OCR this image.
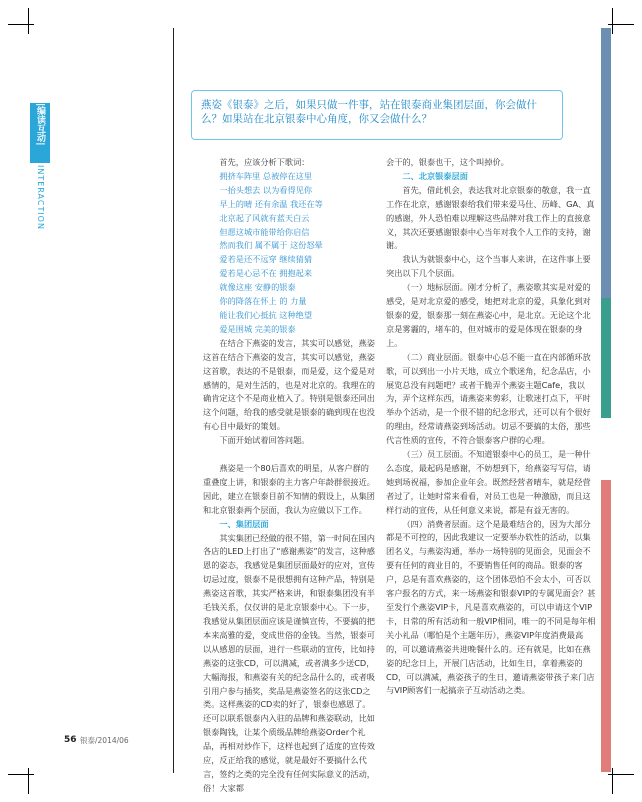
|编读互动|
INTERACTION
燕姿《银泰》之后，如果只做一件事，站在银泰商业集团层面，你会做什么？如果站在北京银泰中心角度，你又会做什么？

首先，应该分析下歌词：

拥挤车阵里 总被停在这里
一抬头想去 以为看得见你
早上的晴 还有余温 我还在等
北京起了风就有蓝天白云
但愿这城市能带给你启信
然而我们 属不属于 这份怒晕
爱若是还不远穿 继续猜猜
爱若是心忌不在 拥抱起来
就像这座 安静的银泰
你的降落在怀上 的 力量
能让我们心抵抗 这种绝望
爱是围城 完美的银泰

在结合下燕姿的发言，其实可以感觉，燕姿这首在结合下燕姿的发言，其实可以感觉，燕姿这首歌，表达的不是银泰，而是爱，这个爱是对感情的，是对生活的，也是对北京的。我理在的确肯定这个不是商业植入了。特别是银泰还同出这个问题，给我的感受就是银泰的确到现在也没有心目中最好的策划。

下面开始试着回答问题。

燕姿是一个80后喜欢的明星，从客户群的重叠度上讲，和银泰的主力客户年龄群很接近。因此，建立在银泰目前不知情的假设上，从集团和北京银泰两个层面，我认为应做以下工作。

一、集团层面

其实集团已经做的很不错，第一时间在国内各店的LED上打出了“感谢燕姿”的发言，这种感恩的姿态，我感觉是集团层面最好的应对，宣传切忌过度，银泰不是很想拥有这种产品，特别是燕姿这首歌，其实严格来讲，和银泰集团没有半毛钱关系，仅仅讲的是北京银泰中心。下一步，我感觉从集团层面应该是谨慎宣传，不要搞的把本来高雅的爱，变成世俗的金钱。当然，银泰可以从感恩的层面，进行一些联动的宣传，比如持燕姿的这张CD，可以满减，或者满多少送CD，大幅海报，和燕姿有关的纪念品什么的，或者吸引用户参与插奖，奖品是燕姿签名的这张CD之类。这样燕姿的CD卖的好了，银泰也感恩了。还可以联系银泰内入驻的品牌和燕姿联动，比如银泰陶钱，让某个质级品牌给燕姿Order个礼品，再相对炒作下，这样也起到了适度的宣传效应，反正给我的感觉，就是最好不要搞什么代言，签约之类的完全没有任何实际意义的活动，俗！大家都

会干的，银泰也干，这个叫掉价。

二、北京银泰层面

首先，借此机会，表达我对北京银泰的敬意，我一直工作在北京，感谢银泰给我们带来爱马仕、历峰、GA、真的感谢，外人恐怕难以理解这些品牌对我工作上的直接意义，其次还要感谢银泰中心当年对我个人工作的支持，谢谢。

我认为就银泰中心，这个当事人来讲，在这件事上要突出以下几个层面。

（一）地标层面。刚才分析了，燕姿歌其实是对爱的感受，是对北京爱的感受，她把对北京的爱，具象化到对银泰的爱，银泰那一刻在燕姿心中，是北京。无论这个北京是雾霾的，堵车的，但对城市的爱是体现在银泰的身上。

（二）商业层面。银泰中心总不能一直在内部循环放歌，可以到出一小片天地，成立个歌迷角，纪念品店，小展览总没有问题吧？或者干脆弄个燕姿主题Cafe，我以为，弄个这样东西，请燕姿来剪彩，让歌迷打点下，平时举办个活动，是一个很不错的纪念形式，还可以有个很好的理由，经常请燕姿到场活动。切忌不要搞的太俗，那些代言性质的宣传，不符合银泰客户群的心理。

（三）员工层面。不知道银泰中心的员工，是一种什么态度，最起码是感谢，不妨想到下，给燕姿写写信，请她到场祝福，参加企业年会。既然经营者晴车，就是经营者过了，让她时常来看看，对员工也是一种激励，而且这样行动的宣传，从任何意义来说，都是有益无害的。

（四）消费者层面。这个是最难结合的，因为大部分都是不可控的，因此我建议一定要举办软性的活动，以集团名义，与燕姿沟通，举办一场特别的见面会，见面会不要有任何的商业目的，不要销售任何的商品。银泰的客户，总是有喜欢燕姿的，这个团体恐怕不会太小，可否以客户报名的方式，来一场燕姿和银泰VIP的专属见面会？甚至发行个燕姿VIP卡，凡是喜欢燕姿的，可以申请这个VIP卡，日常的所有活动和一般VIP相同，唯一的不同是每年相关小礼品（哪怕是个主题年历），燕姿VIP年度消费最高的，可以邀请燕姿共进晚餐什么的。还有就是，比如在燕姿的纪念日上，开展门店活动，比如生日，拿着燕姿的CD，可以满减，燕姿孩子的生日，邀请燕姿带孩子来门店与VIP顾客们一起搞亲子互动活动之类。

56 银泰/2014/06
